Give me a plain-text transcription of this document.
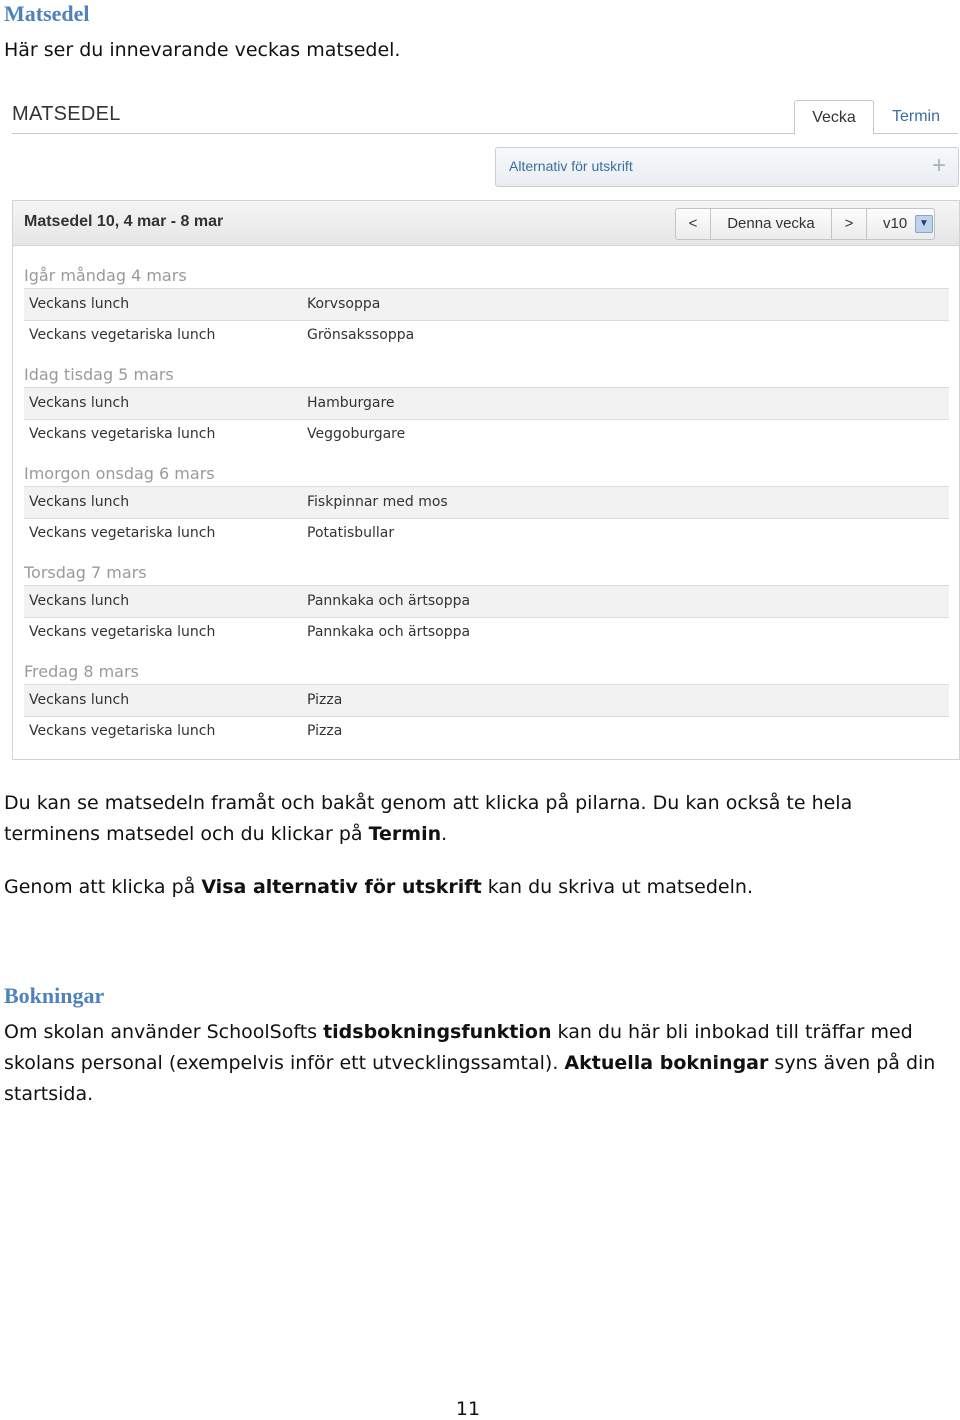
Matsedel

Här ser du innevarande veckas matsedel.

MATSEDEL	Vecka	Termin
Alternativ för utskrift	+
Matsedel 10, 4 mar - 8 mar	<	Denna vecka	>	v10	▼
Igår måndag 4 mars
Veckans lunch	Korvsoppa
Veckans vegetariska lunch	Grönsakssoppa
Idag tisdag 5 mars
Veckans lunch	Hamburgare
Veckans vegetariska lunch	Veggoburgare
Imorgon onsdag 6 mars
Veckans lunch	Fiskpinnar med mos
Veckans vegetariska lunch	Potatisbullar
Torsdag 7 mars
Veckans lunch	Pannkaka och ärtsoppa
Veckans vegetariska lunch	Pannkaka och ärtsoppa
Fredag 8 mars
Veckans lunch	Pizza
Veckans vegetariska lunch	Pizza

Du kan se matsedeln framåt och bakåt genom att klicka på pilarna. Du kan också te hela terminens matsedel och du klickar på Termin.

Genom att klicka på Visa alternativ för utskrift kan du skriva ut matsedeln.

Bokningar

Om skolan använder SchoolSofts tidsbokningsfunktion kan du här bli inbokad till träffar med skolans personal (exempelvis inför ett utvecklingssamtal). Aktuella bokningar syns även på din startsida.

11
